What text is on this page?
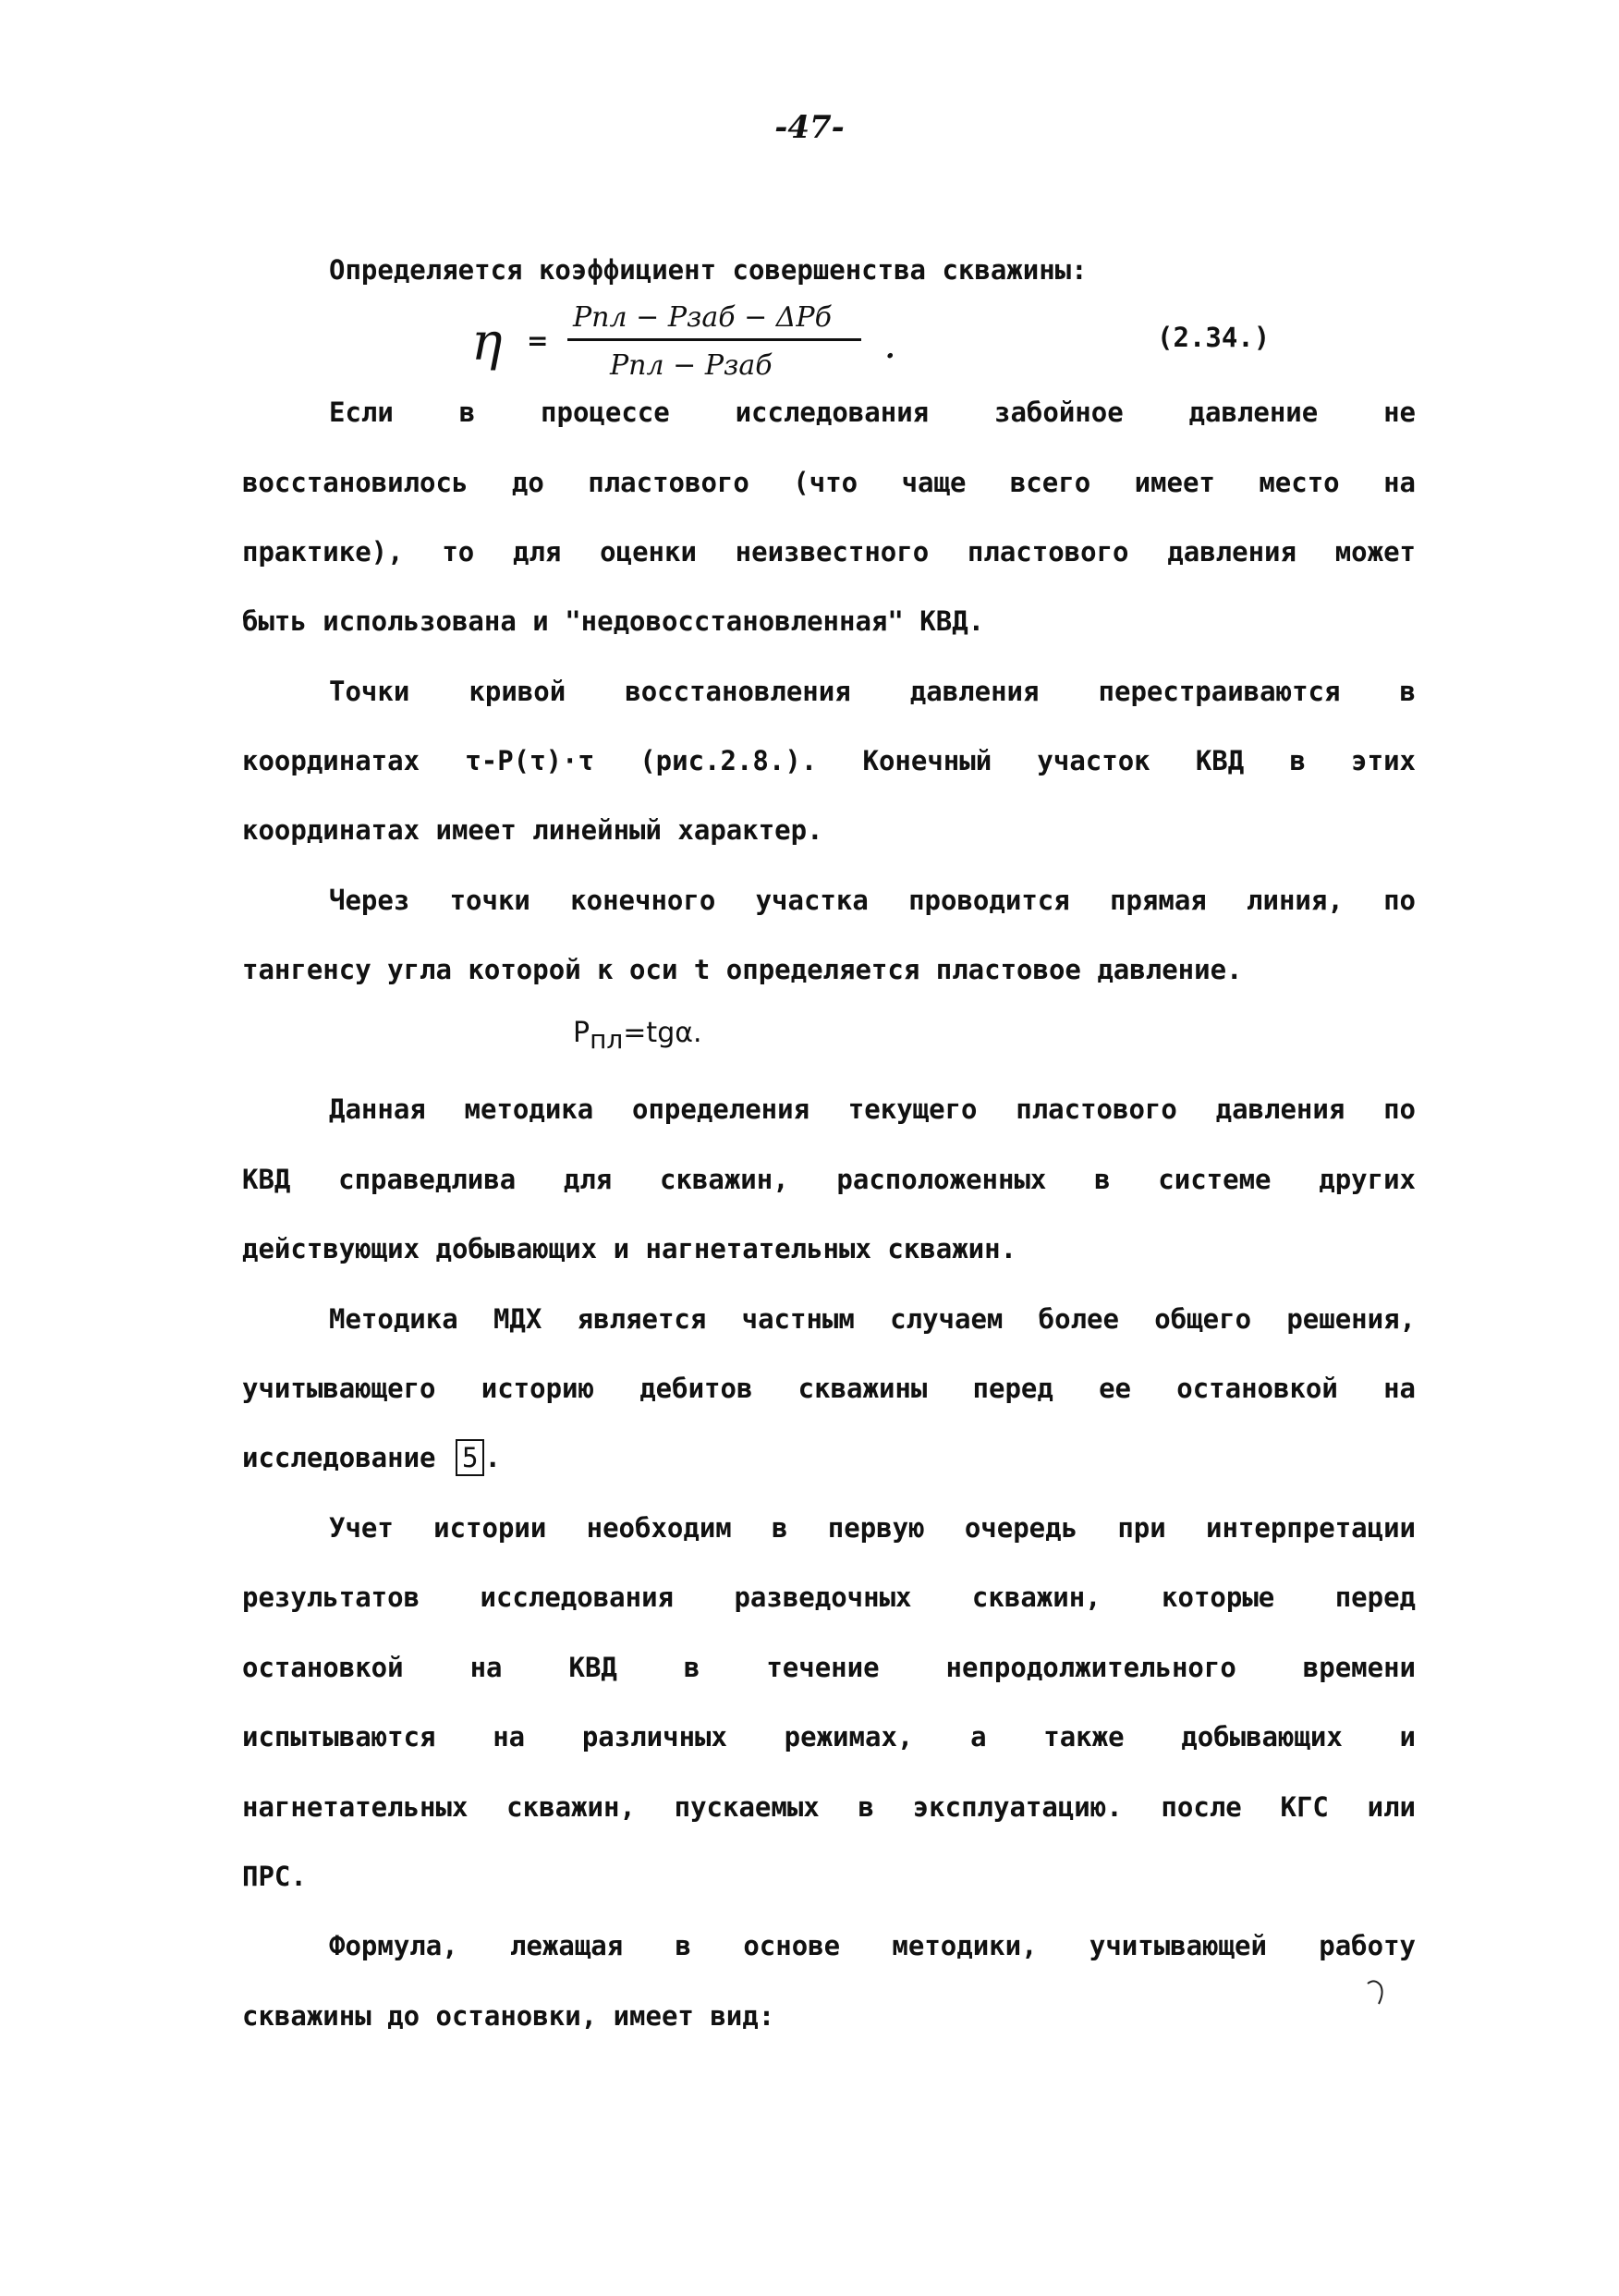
-47-
Определяется коэффициент совершенства скважины:
η =
Pпл − Pзаб − ΔPб
Pпл − Pзаб
.	(2.34.)
Если в процессе исследования забойное давление не
восстановилось до пластового (что чаще всего имеет место на
практике), то для оценки неизвестного пластового давления может
быть использована и "недовосстановленная" КВД.
Точки кривой восстановления давления перестраиваются в
координатах τ-P(τ)·τ (рис.2.8.). Конечный участок КВД в этих
координатах имеет линейный характер.
Через точки конечного участка проводится прямая линия, по
тангенсу угла которой к оси t определяется пластовое давление.
$P_{пл}=tg\alpha$.
Данная методика определения текущего пластового давления по
КВД справедлива для скважин, расположенных в системе других
действующих добывающих и нагнетательных скважин.
Методика МДХ является частным случаем более общего решения,
учитывающего историю дебитов скважины перед ее остановкой на
исследование 5 .
Учет истории необходим в первую очередь при интерпретации
результатов исследования разведочных скважин, которые перед
остановкой на КВД в течение непродолжительного времени
испытываются на различных режимах, а также добывающих и
нагнетательных скважин, пускаемых в эксплуатацию. после КГС или
ПРС.
Формула, лежащая в основе методики, учитывающей работу
скважины до остановки, имеет вид:
